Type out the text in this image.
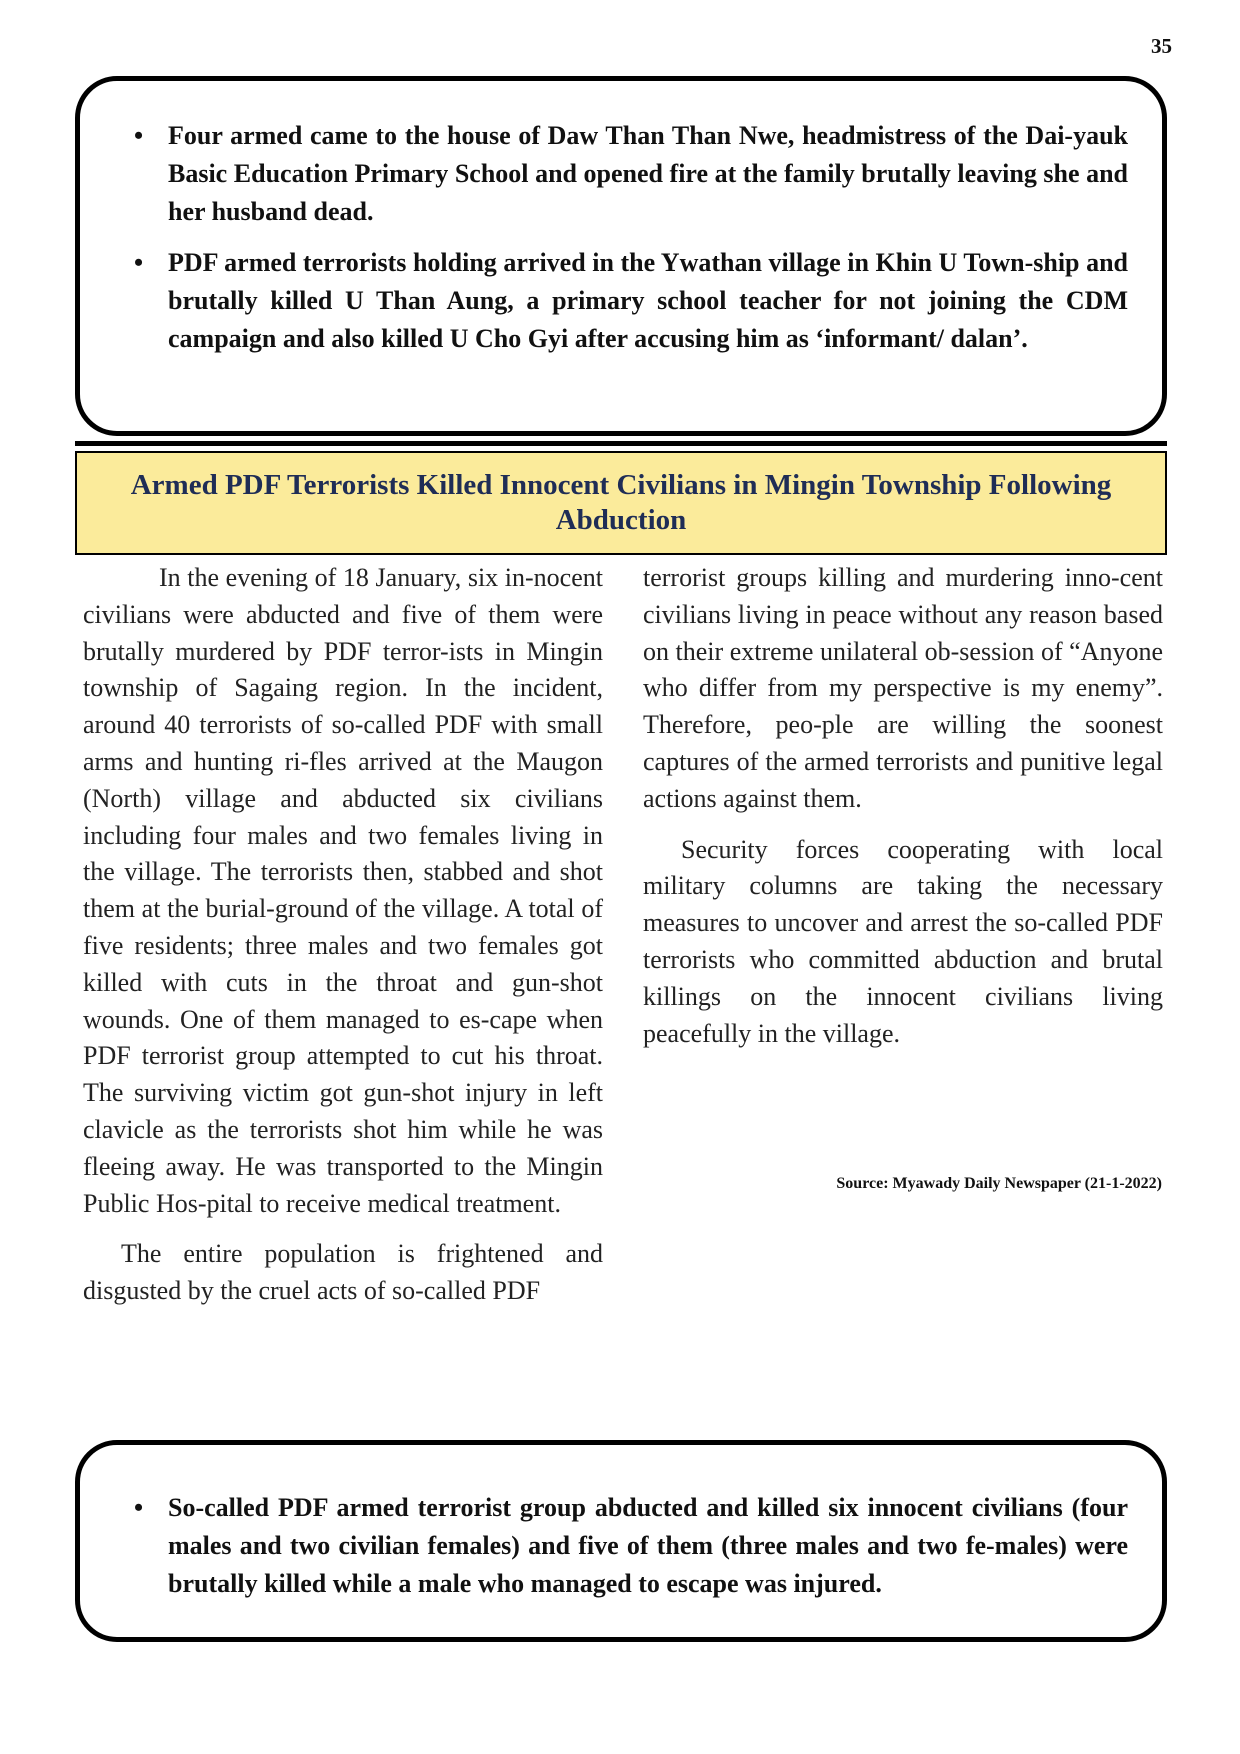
35
• Four armed came to the house of Daw Than Than Nwe, headmistress of the Dai-yauk Basic Education Primary School and opened fire at the family brutally leaving she and her husband dead.
• PDF armed terrorists holding arrived in the Ywathan village in Khin U Town-ship and brutally killed U Than Aung, a primary school teacher for not joining the CDM campaign and also killed U Cho Gyi after accusing him as ‘informant/ dalan’.
Armed PDF Terrorists Killed Innocent Civilians in Mingin Township Following Abduction

In the evening of 18 January, six in-nocent civilians were abducted and five of them were brutally murdered by PDF terror-ists in Mingin township of Sagaing region. In the incident, around 40 terrorists of so-called PDF with small arms and hunting ri-fles arrived at the Maugon (North) village and abducted six civilians including four males and two females living in the village. The terrorists then, stabbed and shot them at the burial-ground of the village. A total of five residents; three males and two females got killed with cuts in the throat and gun-shot wounds. One of them managed to es-cape when PDF terrorist group attempted to cut his throat. The surviving victim got gun-shot injury in left clavicle as the terrorists shot him while he was fleeing away. He was transported to the Mingin Public Hos-pital to receive medical treatment.

The entire population is frightened and disgusted by the cruel acts of so-called PDF

terrorist groups killing and murdering inno-cent civilians living in peace without any reason based on their extreme unilateral ob-session of “Anyone who differ from my perspective is my enemy”. Therefore, peo-ple are willing the soonest captures of the armed terrorists and punitive legal actions against them.

Security forces cooperating with local military columns are taking the necessary measures to uncover and arrest the so-called PDF terrorists who committed abduction and brutal killings on the innocent civilians living peacefully in the village.

Source: Myawady Daily Newspaper (21-1-2022)
• So-called PDF armed terrorist group abducted and killed six innocent civilians (four males and two civilian females) and five of them (three males and two fe-males) were brutally killed while a male who managed to escape was injured.
